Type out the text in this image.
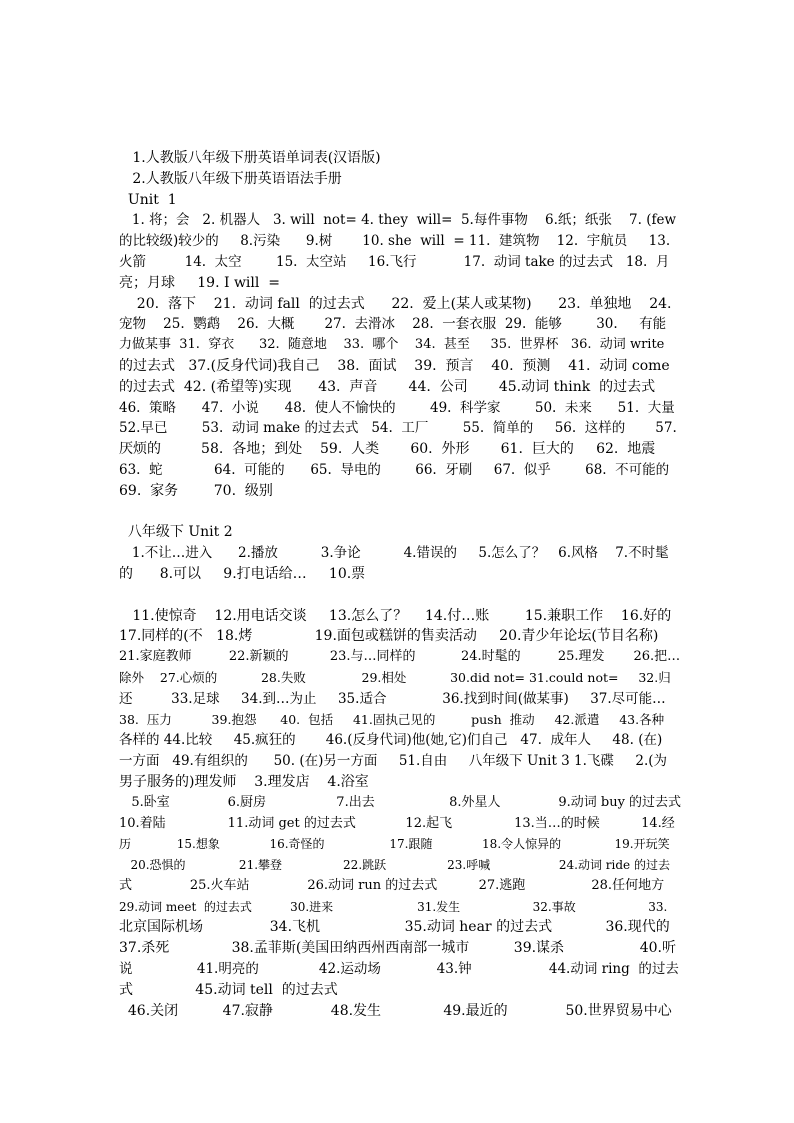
1.人教版八年级下册英语单词表(汉语版)
2.人教版八年级下册英语语法手册
Unit  1
1. 将；会   2. 机器人   3. will  not= 4. they  will=  5.每件事物    6.纸；纸张    7. (few
的比较级)较少的     8.污染      9.树       10. she  will  = 11.  建筑物    12.  宇航员     13.
火箭         14.  太空        15.  太空站     16.飞行           17.  动词 take 的过去式   18.  月
亮；月球     19. I will  =
20.  落下    21.  动词 fall  的过去式      22.  爱上(某人或某物)      23.  单独地    24.
宠物    25.  鹦鹉    26.  大概       27.  去滑冰    28.  一套衣服  29.  能够        30.     有能
力做某事  31.  穿衣      32.  随意地    33.  哪个    34.  甚至     35.  世界杯   36.  动词 write
的过去式   37.(反身代词)我自己    38.  面试    39.  预言    40.  预测    41.  动词 come
的过去式  42. (希望等)实现      43.  声音       44.  公司       45.动词 think  的过去式
46.  策略      47.  小说      48.  使人不愉快的        49.  科学家        50.  未来      51.  大量
52.早已        53.  动词 make 的过去式   54.  工厂        55.  简单的     56.  这样的       57.
厌烦的         58.  各地；到处    59.  人类       60.  外形       61.  巨大的     62.  地震
63.  蛇            64.  可能的      65.  导电的        66.  牙刷     67.  似乎        68.  不可能的
69.  家务        70.  级别
八年级下 Unit 2
1.不让…进入      2.播放          3.争论          4.错误的     5.怎么了？   6.风格    7.不时髦
的      8.可以     9.打电话给…     10.票
11.使惊奇    12.用电话交谈     13.怎么了？    14.付…账        15.兼职工作    16.好的
17.同样的(不   18.烤              19.面包或糕饼的售卖活动     20.青少年论坛(节目名称)
21.家庭教师         22.新颖的          23.与…同样的           24.时髦的         25.理发       26.把…
除外    27.心烦的           28.失败              29.相处           30.did not= 31.could not=     32.归
还         33.足球     34.到…为止     35.适合             36.找到时间(做某事)     37.尽可能…
38.  压力          39.抱怨      40.  包括     41.固执己见的         push  推动     42.派遣     43.各种
各样的 44.比较     45.疯狂的       46.(反身代词)他(她,它)们自己   47.  成年人     48. (在)
一方面   49.有组织的      50. (在)另一方面     51.自由     八年级下 Unit 3 1.飞碟     2.(为
男子服务的)理发师    3.理发店    4.浴室
5.卧室              6.厨房                 7.出去                  8.外星人              9.动词 buy 的过去式
10.着陆               11.动词 get 的过去式            12.起飞               13.当…的时候          14.经
历            15.想象             16.奇怪的                 17.跟随             18.令人惊异的              19.开玩笑
20.恐惧的              21.攀登                22.跳跃                23.呼喊                  24.动词 ride 的过去
式              25.火车站              26.动词 run 的过去式          27.逃跑                28.任何地方
29.动词 meet  的过去式          30.进来                      31.发生                   32.事故                   33.
北京国际机场               34.飞机                   35.动词 hear 的过去式            36.现代的
37.杀死              38.孟菲斯(美国田纳西州西南部一城市          39.谋杀                 40.听
说               41.明亮的              42.运动场             43.钟                  44.动词 ring  的过去
式              45.动词 tell  的过去式
46.关闭          47.寂静             48.发生              49.最近的             50.世界贸易中心
